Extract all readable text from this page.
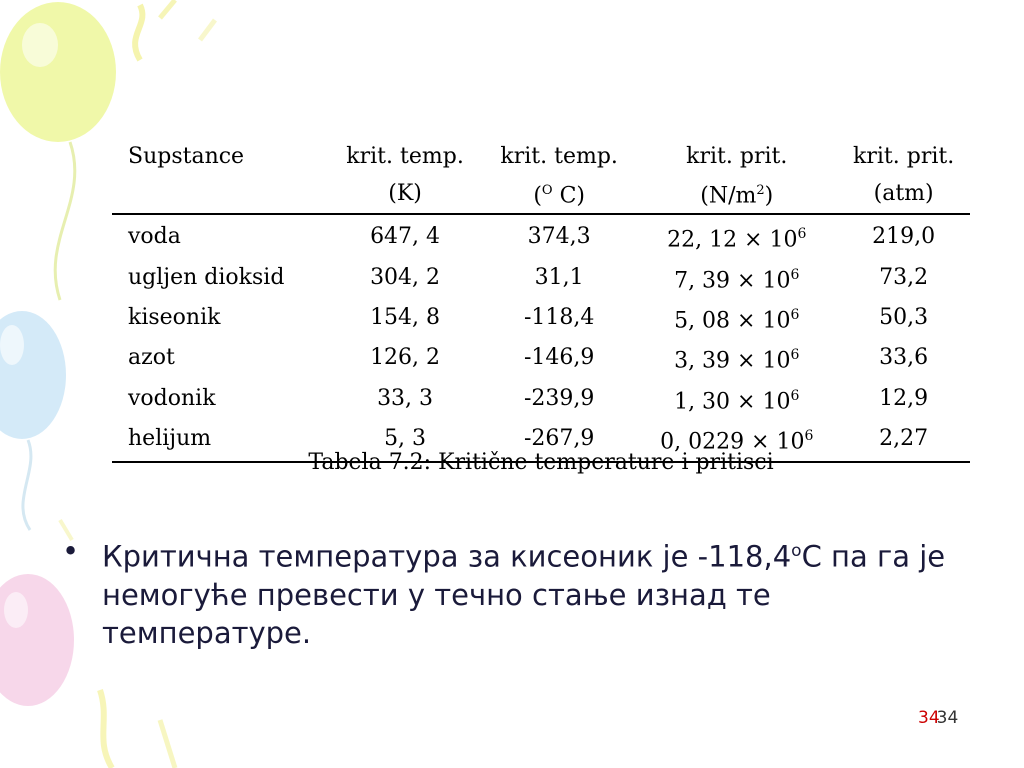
Supstance	krit. temp.	krit. temp.	krit. prit.	krit. prit.
	(K)	($^O$ C)	$(N/m^2)$	(atm)
voda	647, 4	374,3	22, $12 \times 10^6$	219,0
ugljen dioksid	304, 2	31,1	7, $39 \times 10^6$	73,2
kiseonik	154, 8	-118,4	5, $08 \times 10^6$	50,3
azot	126, 2	-146,9	3, $39 \times 10^6$	33,6
vodonik	33, 3	-239,9	1, $30 \times 10^6$	12,9
helijum	5, 3	-267,9	0, $0229 \times 10^6$	2,27
Tabela 7.2: Kritične temperature i pritisci
• Критична температура за кисеоник је -118,4$^o$С па га је немогуће превести у течно стање изнад те температуре.
3434
